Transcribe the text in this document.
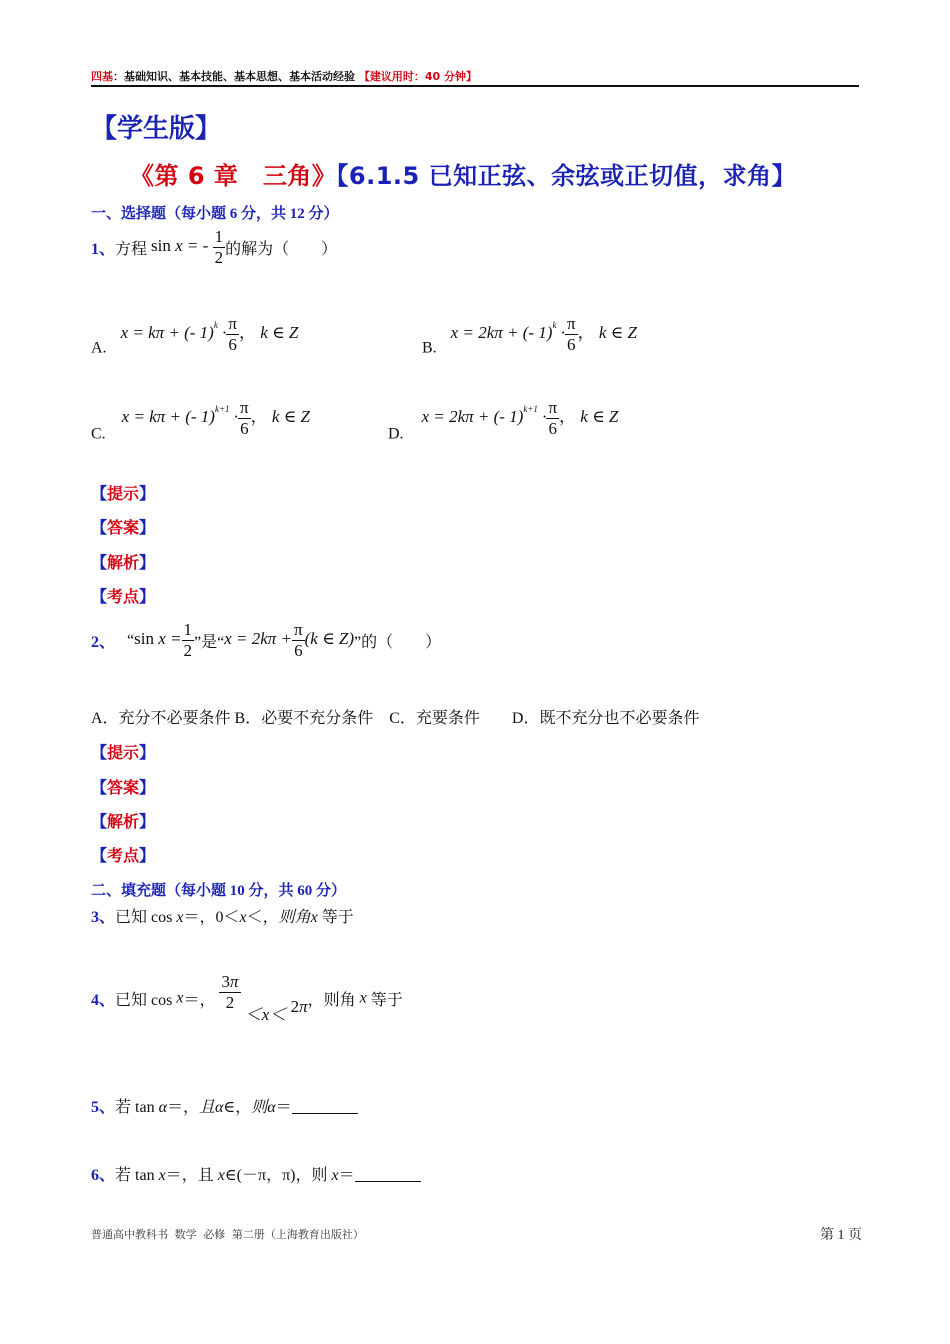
四基：基础知识、基本技能、基本思想、基本活动经验 【建议用时：40 分钟】
【学生版】
《第 6 章　三角》【6.1.5 已知正弦、余弦或正切值，求角】
一、选择题（每小题 6 分，共 12 分）
1、方程 sin x = - $\frac{1}{2}$ 的解为（　　）
A. x = kπ + (- $1)^k \cdot \frac{\pi}{6}$ ， k ∈ Z
B. x = 2kπ + (- $1)^k \cdot \frac{\pi}{6}$ ， k ∈ Z
C. x = kπ + (- $1)^{k+1} \cdot \frac{\pi}{6}$ ， k ∈ Z
D. x = 2kπ + (- $1)^{k+1} \cdot \frac{\pi}{6}$ ， k ∈ Z
【提示】
【答案】
【解析】
【考点】
2、 “sin $x = \frac{1}{2}$ ”是“$x = 2k\pi + \frac{\pi}{6} (k$ ∈ Z)”的（　　）
A．充分不必要条件 B．必要不充分条件　C．充要条件　　D．既不充分也不必要条件
【提示】
【答案】
【解析】
【考点】
二、填充题（每小题 10 分，共 60 分）
3、已知 cos x＝，0＜x＜，则角x 等于
4、已知 cos x＝， $\frac{3\pi}{2}$
＜x＜ 2π，则角 x 等于
5、若 tan α＝，且α∈，则α＝
6、若 tan x＝，且 x∈(－π，π)，则 x＝
普通高中教科书 数学 必修 第二册（上海教育出版社）	第 1 页
